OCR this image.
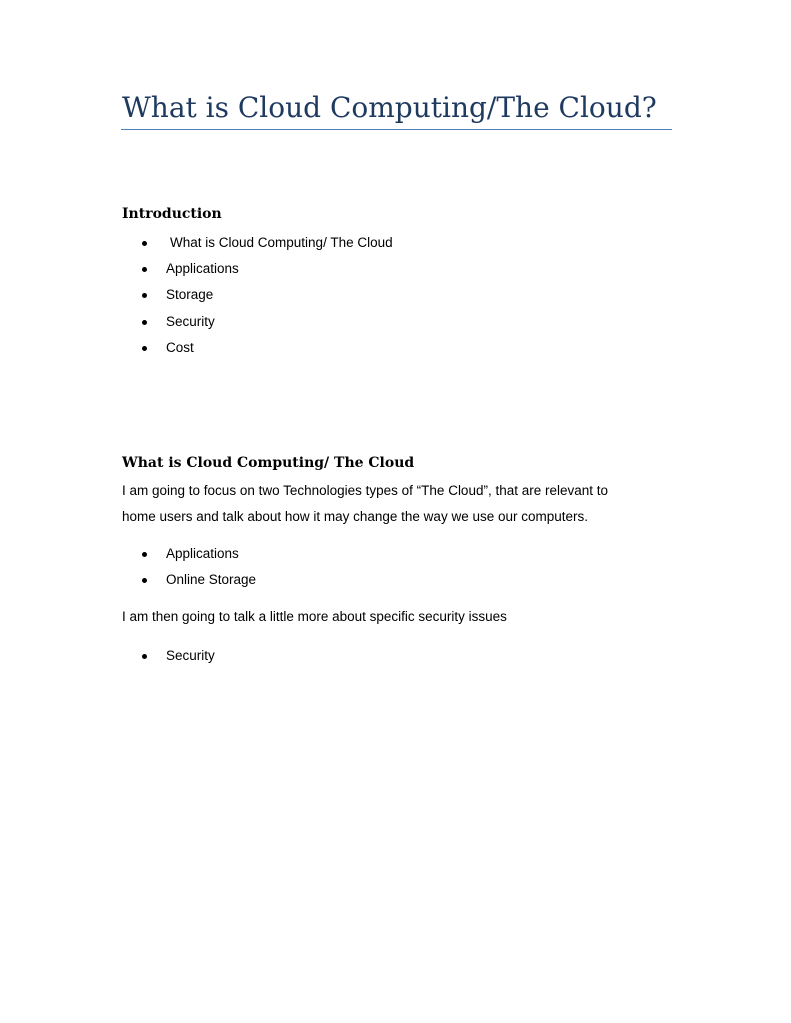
What is Cloud Computing/The Cloud?
Introduction
What is Cloud Computing/ The Cloud
Applications
Storage
Security
Cost
What is Cloud Computing/ The Cloud

I am going to focus on two Technologies types of “The Cloud”, that are relevant to

home users and talk about how it may change the way we use our computers.

Applications
Online Storage

I am then going to talk a little more about specific security issues

Security
